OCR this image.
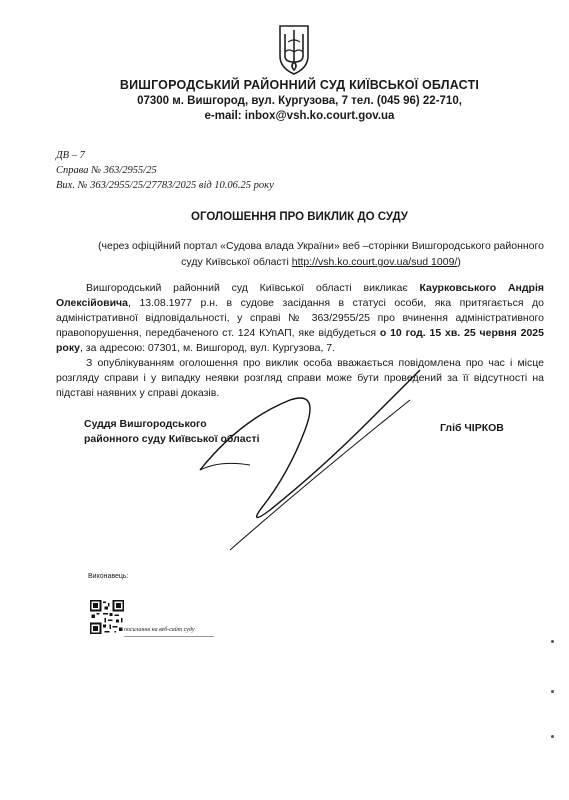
ВИШГОРОДСЬКИЙ РАЙОННИЙ СУД КИЇВСЬКОЇ ОБЛАСТІ
07300 м. Вишгород, вул. Кургузова, 7 тел. (045 96) 22-710,
e-mail: inbox@vsh.ko.court.gov.ua
ДВ – 7
Справа № 363/2955/25
Вих. № 363/2955/25/27783/2025 від 10.06.25 року
ОГОЛОШЕННЯ ПРО ВИКЛИК ДО СУДУ
(через офіційний портал «Судова влада України» веб –сторінки Вишгородського районного суду Київської області http://vsh.ko.court.gov.ua/sud 1009/)

Вишгородський районний суд Київської області викликає Каурковського Андрія Олексійовича, 13.08.1977 р.н. в судове засідання в статусі особи, яка притягається до адміністративної відповідальності, у справі № 363/2955/25 про вчинення адміністративного правопорушення, передбаченого ст. 124 КУпАП, яке відбудеться о 10 год. 15 хв. 25 червня 2025 року, за адресою: 07301, м. Вишгород, вул. Кургузова, 7.

З опублікуванням оголошення про виклик особа вважається повідомлена про час і місце розгляду справи і у випадку неявки розгляд справи може бути проведений за її відсутності на підставі наявних у справі доказів.

Суддя Вишгородського
районного суду Київської області
Гліб ЧІРКОВ
Виконавець:
посилання на веб-сайт суду
